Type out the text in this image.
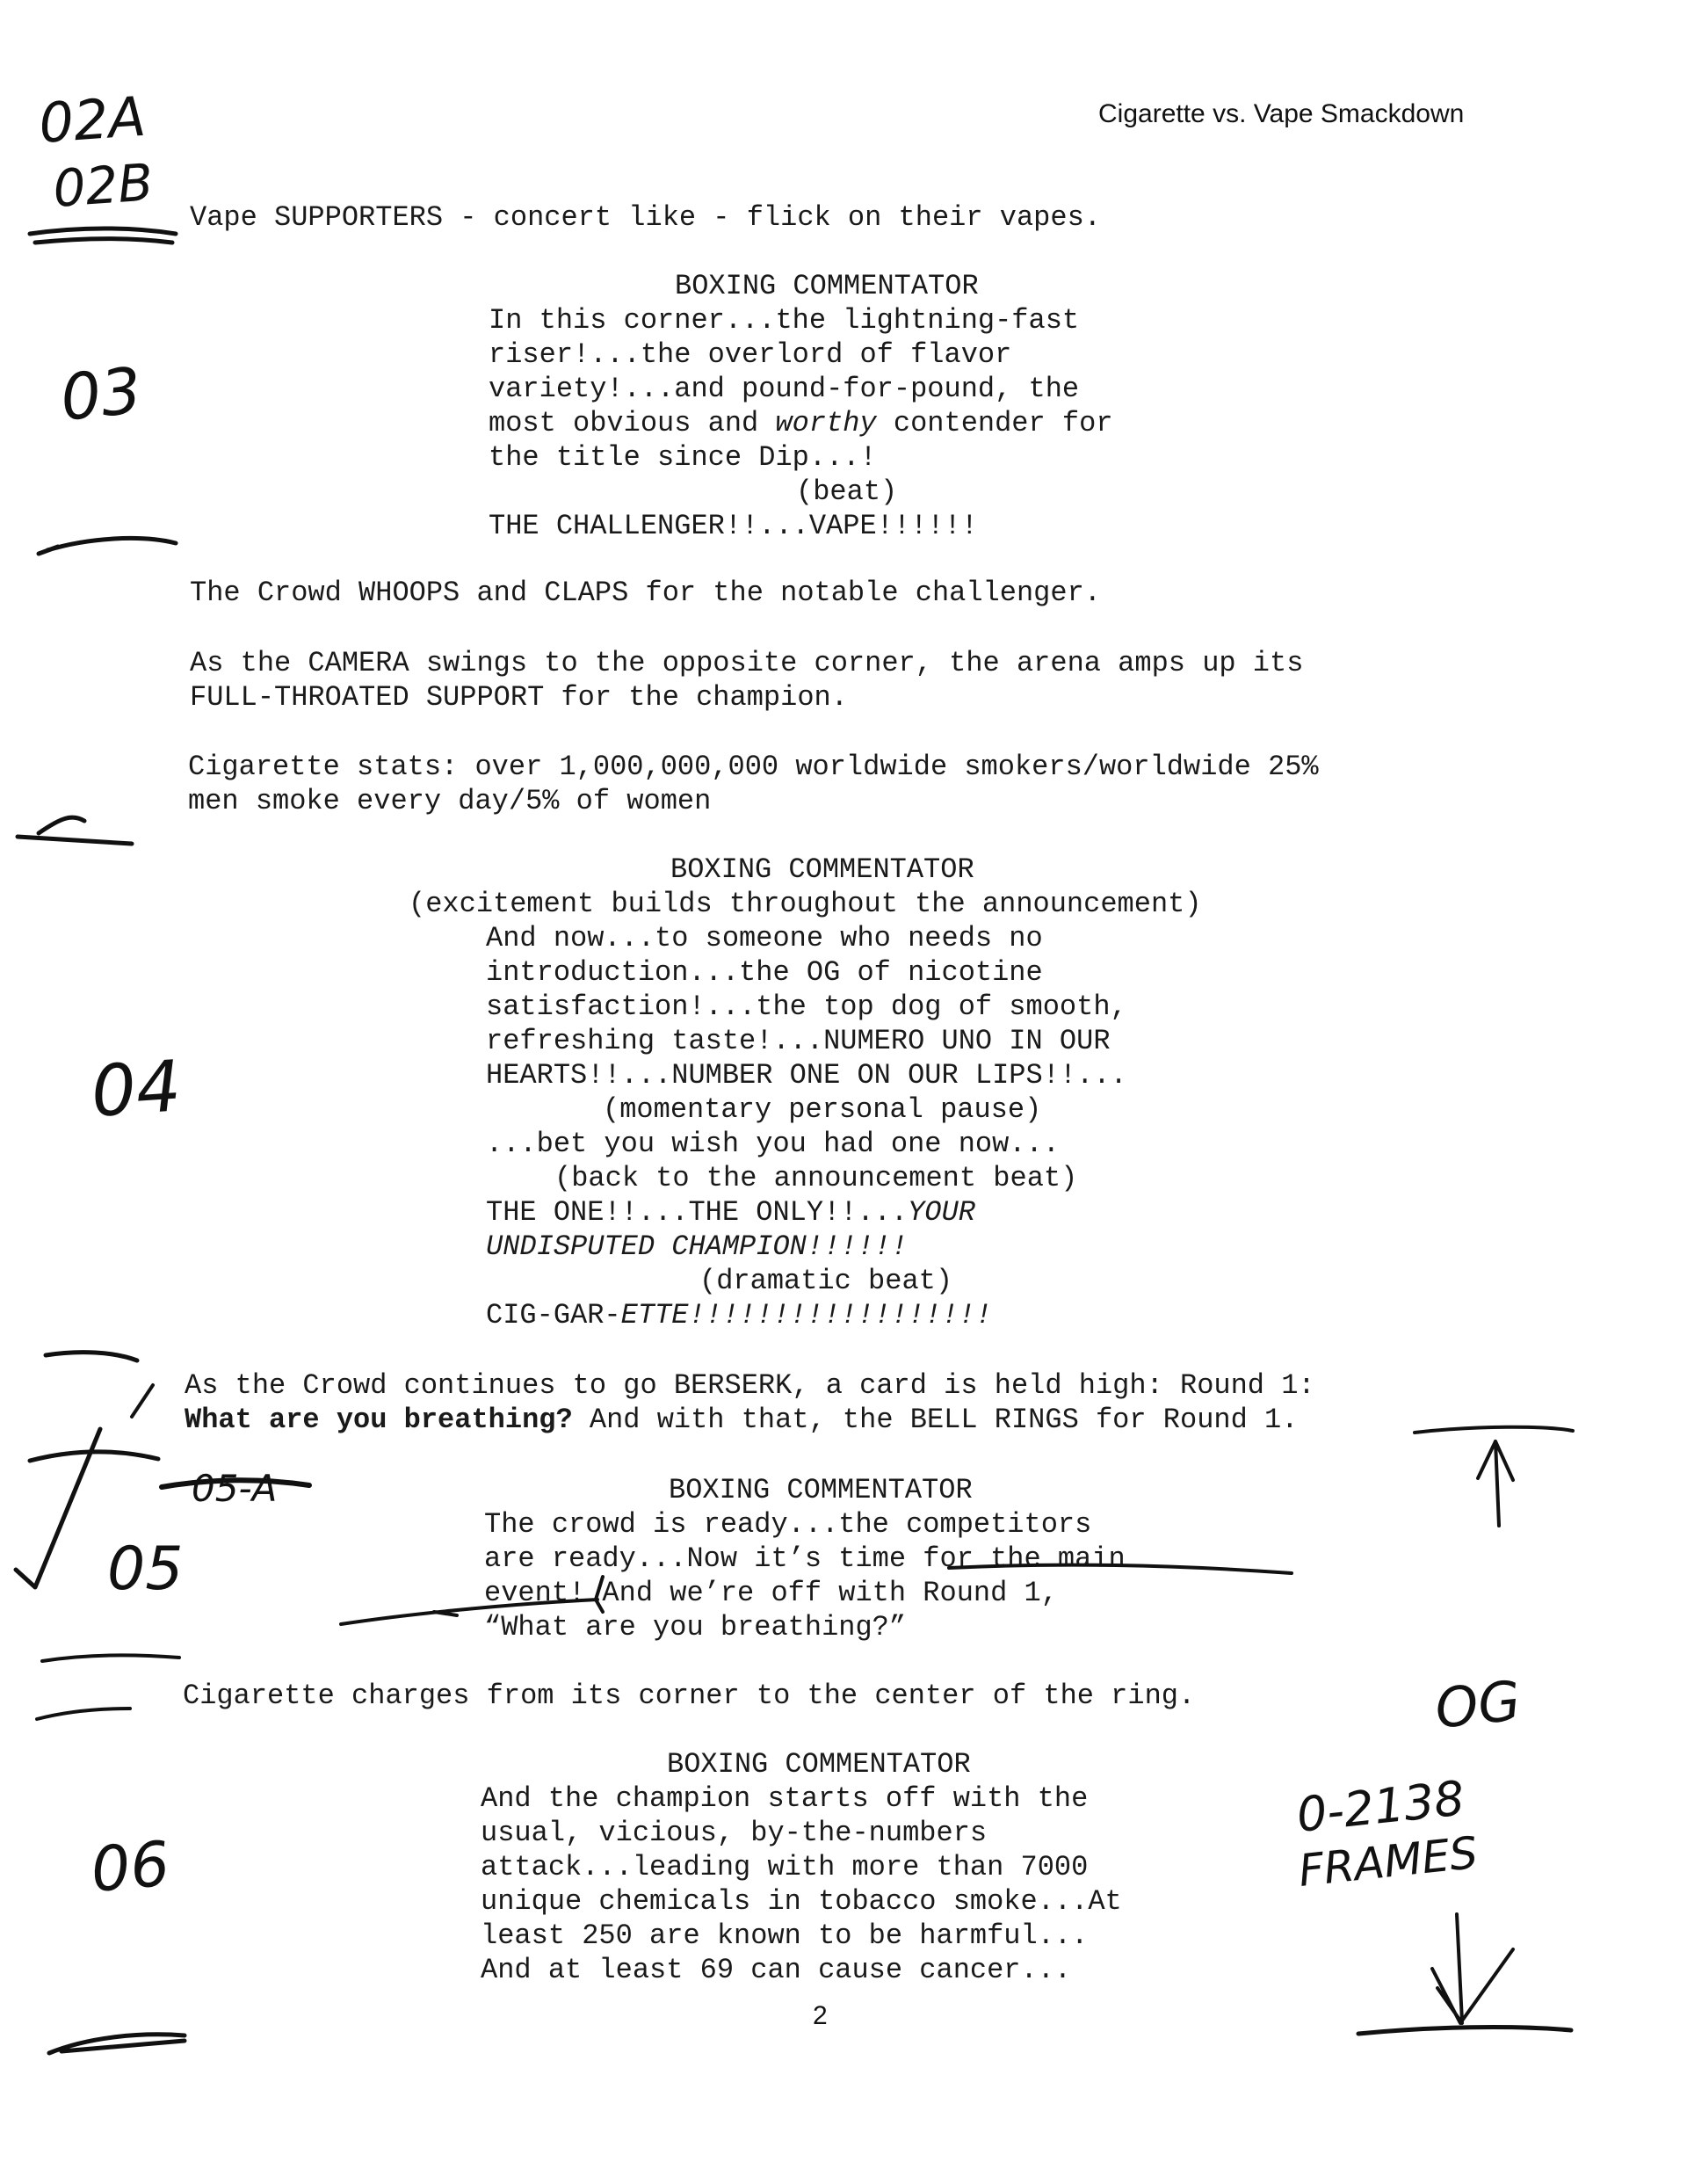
Cigarette vs. Vape Smackdown
Vape SUPPORTERS - concert like - flick on their vapes.
BOXING COMMENTATOR
In this corner...the lightning-fast
riser!...the overlord of flavor
variety!...and pound-for-pound, the
most obvious and worthy contender for
the title since Dip...!
(beat)
THE CHALLENGER!!...VAPE!!!!!!
The Crowd WHOOPS and CLAPS for the notable challenger.
As the CAMERA swings to the opposite corner, the arena amps up its
FULL-THROATED SUPPORT for the champion.
Cigarette stats: over 1,000,000,000 worldwide smokers/worldwide 25%
men smoke every day/5% of women
BOXING COMMENTATOR
(excitement builds throughout the announcement)
And now...to someone who needs no
introduction...the OG of nicotine
satisfaction!...the top dog of smooth,
refreshing taste!...NUMERO UNO IN OUR
HEARTS!!...NUMBER ONE ON OUR LIPS!!...
(momentary personal pause)
...bet you wish you had one now...
(back to the announcement beat)
THE ONE!!...THE ONLY!!...YOUR
UNDISPUTED CHAMPION!!!!!!
(dramatic beat)
CIG-GAR-ETTE!!!!!!!!!!!!!!!!!!
As the Crowd continues to go BERSERK, a card is held high: Round 1:
What are you breathing? And with that, the BELL RINGS for Round 1.
BOXING COMMENTATOR
The crowd is ready...the competitors
are ready...Now it’s time for the main
event! And we’re off with Round 1,
“What are you breathing?”
Cigarette charges from its corner to the center of the ring.
BOXING COMMENTATOR
And the champion starts off with the
usual, vicious, by-the-numbers
attack...leading with more than 7000
unique chemicals in tobacco smoke...At
least 250 are known to be harmful...
And at least 69 can cause cancer...
2
02A
02B
03
04
05-A
05
06
OG
0-2138
FRAMES
